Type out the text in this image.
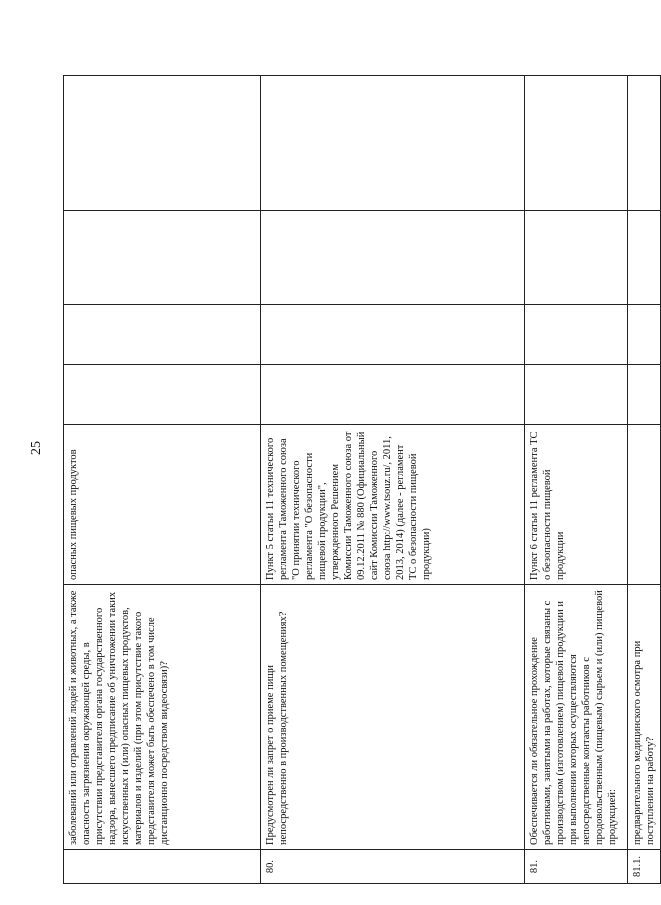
25
	заболеваний или отравлений людей и животных, а также опасность загрязнения окружающей среды, в присутствии представителя органа государственного надзора, вынесшего предписание об уничтожении таких искусственных и (или) опасных пищевых продуктов, материалов и изделий (при этом присутствие такого представителя может быть обеспечено в том числе дистанционно посредством видеосвязи)?	опасных пищевых продуктов				
80.	Предусмотрен ли запрет о приеме пищи непосредственно в производственных помещениях?	Пункт 5 статьи 11 технического регламента Таможенного союза "О принятии технического регламента "О безопасности пищевой продукции", утвержденного Решением Комиссии Таможенного союза от 09.12.2011 № 880 (Официальный сайт Комиссии Таможенного союза http://www.tsouz.ru/, 2011, 2013, 2014) (далее - регламент ТС о безопасности пищевой продукции)				
81.	Обеспечивается ли обязательное прохождение работниками, занятыми на работах, которые связаны с производством (изготовлением) пищевой продукции и при выполнении которых осуществляются непосредственные контакты работников с продовольственным (пищевым) сырьем и (или) пищевой продукцией:	Пункт 6 статьи 11 регламента ТС о безопасности пищевой продукции				
81.1.	предварительного медицинского осмотра при поступлении на работу?					
